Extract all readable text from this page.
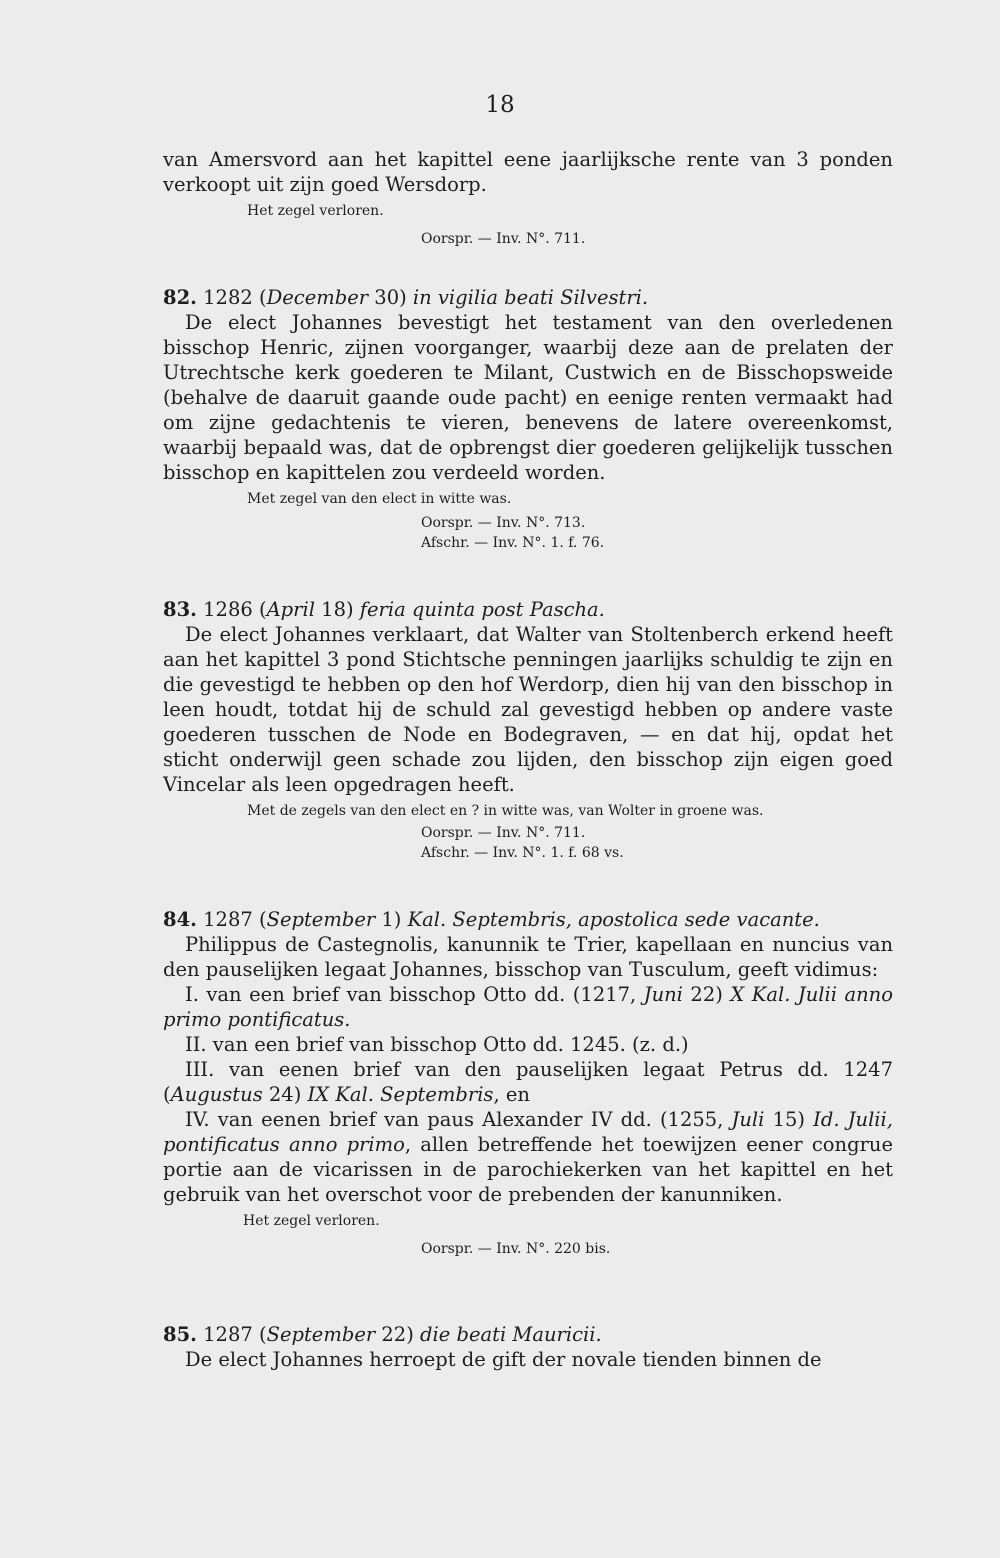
18

van Amersvord aan het kapittel eene jaarlijksche rente van 3 ponden verkoopt uit zijn goed Wersdorp.

Het zegel verloren.
Oorspr. — Inv. N°. 711.
82. 1282 (December 30) in vigilia beati Silvestri.

De elect Johannes bevestigt het testament van den overledenen bisschop Henric, zijnen voorganger, waarbij deze aan de prelaten der Utrechtsche kerk goederen te Milant, Custwich en de Bisschopsweide (behalve de daaruit gaande oude pacht) en eenige renten vermaakt had om zijne gedachtenis te vieren, benevens de latere overeenkomst, waarbij bepaald was, dat de opbrengst dier goederen gelijkelijk tusschen bisschop en kapittelen zou verdeeld worden.

Met zegel van den elect in witte was.
Oorspr. — Inv. N°. 713.
Afschr. — Inv. N°. 1. f. 76.
83. 1286 (April 18) feria quinta post Pascha.

De elect Johannes verklaart, dat Walter van Stoltenberch erkend heeft aan het kapittel 3 pond Stichtsche penningen jaarlijks schuldig te zijn en die gevestigd te hebben op den hof Werdorp, dien hij van den bisschop in leen houdt, totdat hij de schuld zal gevestigd hebben op andere vaste goederen tusschen de Node en Bodegraven, — en dat hij, opdat het sticht onderwijl geen schade zou lijden, den bisschop zijn eigen goed Vincelar als leen opgedragen heeft.

Met de zegels van den elect en ? in witte was, van Wolter in groene was.
Oorspr. — Inv. N°. 711.
Afschr. — Inv. N°. 1. f. 68 vs.
84. 1287 (September 1) Kal. Septembris, apostolica sede vacante.

Philippus de Castegnolis, kanunnik te Trier, kapellaan en nuncius van den pauselijken legaat Johannes, bisschop van Tusculum, geeft vidimus:

I. van een brief van bisschop Otto dd. (1217, Juni 22) X Kal. Julii anno primo pontificatus.

II. van een brief van bisschop Otto dd. 1245. (z. d.)

III. van eenen brief van den pauselijken legaat Petrus dd. 1247 (Augustus 24) IX Kal. Septembris, en

IV. van eenen brief van paus Alexander IV dd. (1255, Juli 15) Id. Julii, pontificatus anno primo, allen betreffende het toewijzen eener congrue portie aan de vicarissen in de parochiekerken van het kapittel en het gebruik van het overschot voor de prebenden der kanunniken.

Het zegel verloren.
Oorspr. — Inv. N°. 220 bis.
85. 1287 (September 22) die beati Mauricii.

De elect Johannes herroept de gift der novale tienden binnen de
